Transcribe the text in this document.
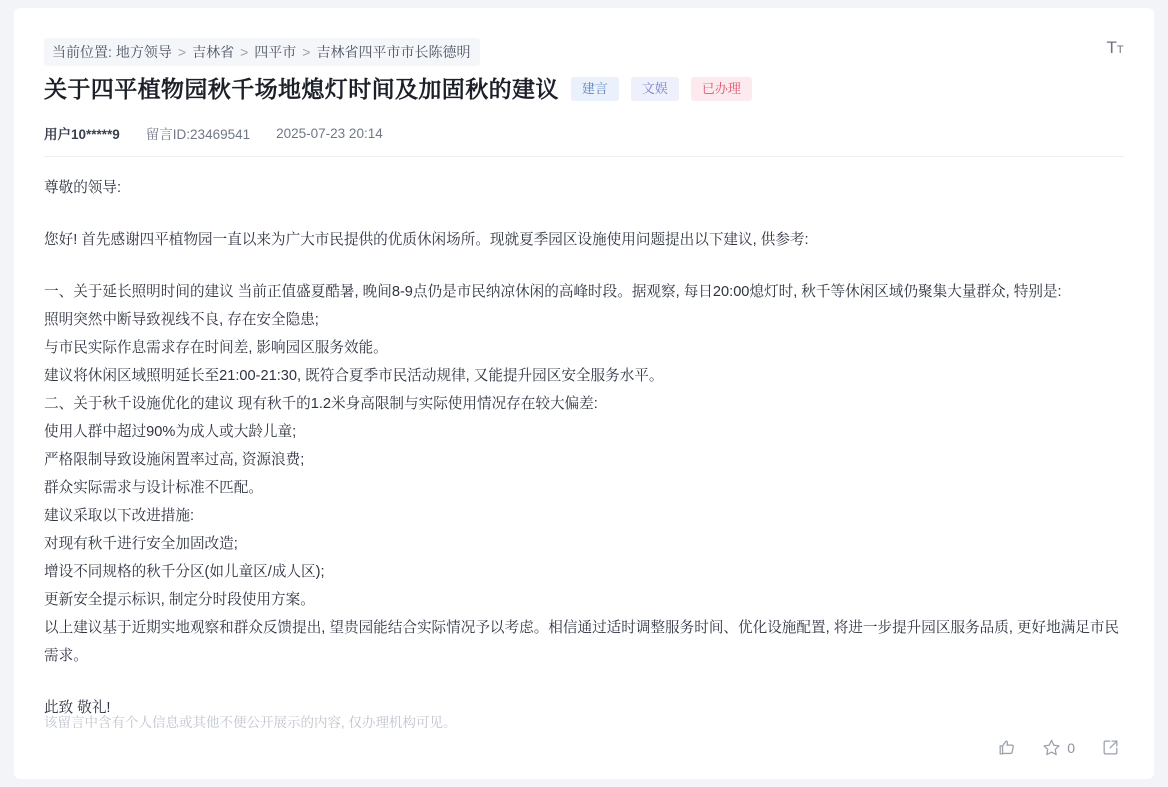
当前位置: 地方领导 > 吉林省 > 四平市 > 吉林省四平市市长陈德明	TT
关于四平植物园秋千场地熄灯时间及加固秋的建议	建言	文娱	已办理
用户10*****9 留言ID:23469541 2025-07-23 20:14

尊敬的领导:

您好! 首先感谢四平植物园一直以来为广大市民提供的优质休闲场所。现就夏季园区设施使用问题提出以下建议, 供参考:

一、关于延长照明时间的建议 当前正值盛夏酷暑, 晚间8-9点仍是市民纳凉休闲的高峰时段。据观察, 每日20:00熄灯时, 秋千等休闲区域仍聚集大量群众, 特别是:

照明突然中断导致视线不良, 存在安全隐患;

与市民实际作息需求存在时间差, 影响园区服务效能。

建议将休闲区域照明延长至21:00-21:30, 既符合夏季市民活动规律, 又能提升园区安全服务水平。

二、关于秋千设施优化的建议 现有秋千的1.2米身高限制与实际使用情况存在较大偏差:

使用人群中超过90%为成人或大龄儿童;

严格限制导致设施闲置率过高, 资源浪费;

群众实际需求与设计标准不匹配。

建议采取以下改进措施:

对现有秋千进行安全加固改造;

增设不同规格的秋千分区(如儿童区/成人区);

更新安全提示标识, 制定分时段使用方案。

以上建议基于近期实地观察和群众反馈提出, 望贵园能结合实际情况予以考虑。相信通过适时调整服务时间、优化设施配置, 将进一步提升园区服务品质, 更好地满足市民需求。

此致 敬礼!

该留言中含有个人信息或其他不便公开展示的内容, 仅办理机构可见。
0
